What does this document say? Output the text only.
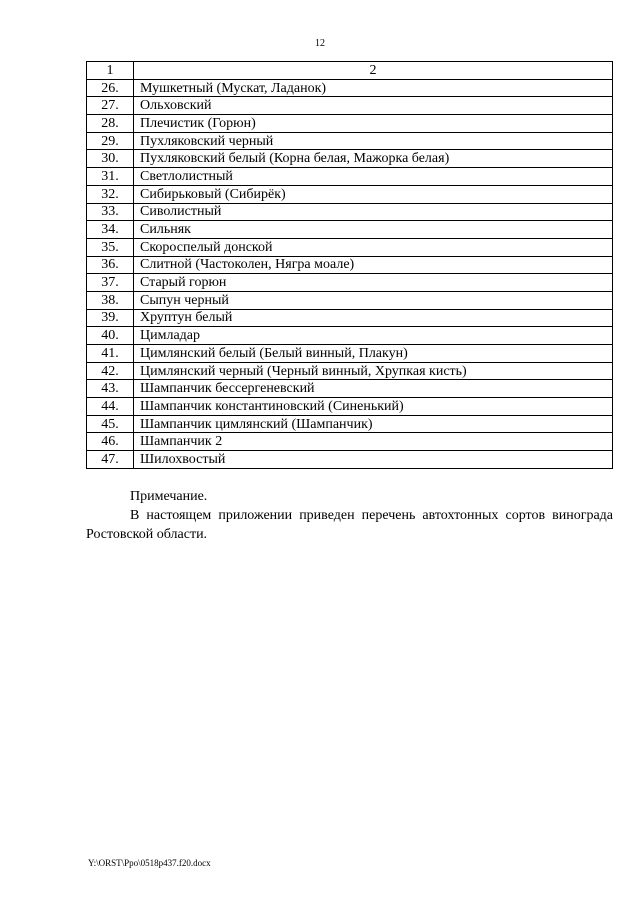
12
1	2
26.	Мушкетный (Мускат, Ладанок)
27.	Ольховский
28.	Плечистик (Горюн)
29.	Пухляковский черный
30.	Пухляковский белый (Корна белая, Мажорка белая)
31.	Светлолистный
32.	Сибирьковый (Сибирёк)
33.	Сиволистный
34.	Сильняк
35.	Скороспелый донской
36.	Слитной (Частоколен, Нягра моале)
37.	Старый горюн
38.	Сыпун черный
39.	Хруптун белый
40.	Цимладар
41.	Цимлянский белый (Белый винный, Плакун)
42.	Цимлянский черный (Черный винный, Хрупкая кисть)
43.	Шампанчик бессергеневский
44.	Шампанчик константиновский (Синенький)
45.	Шампанчик цимлянский (Шампанчик)
46.	Шампанчик 2
47.	Шилохвостый
Примечание.
В настоящем приложении приведен перечень автохтонных сортов винограда Ростовской области.
Y:\ORST\Ppo\0518p437.f20.docx
